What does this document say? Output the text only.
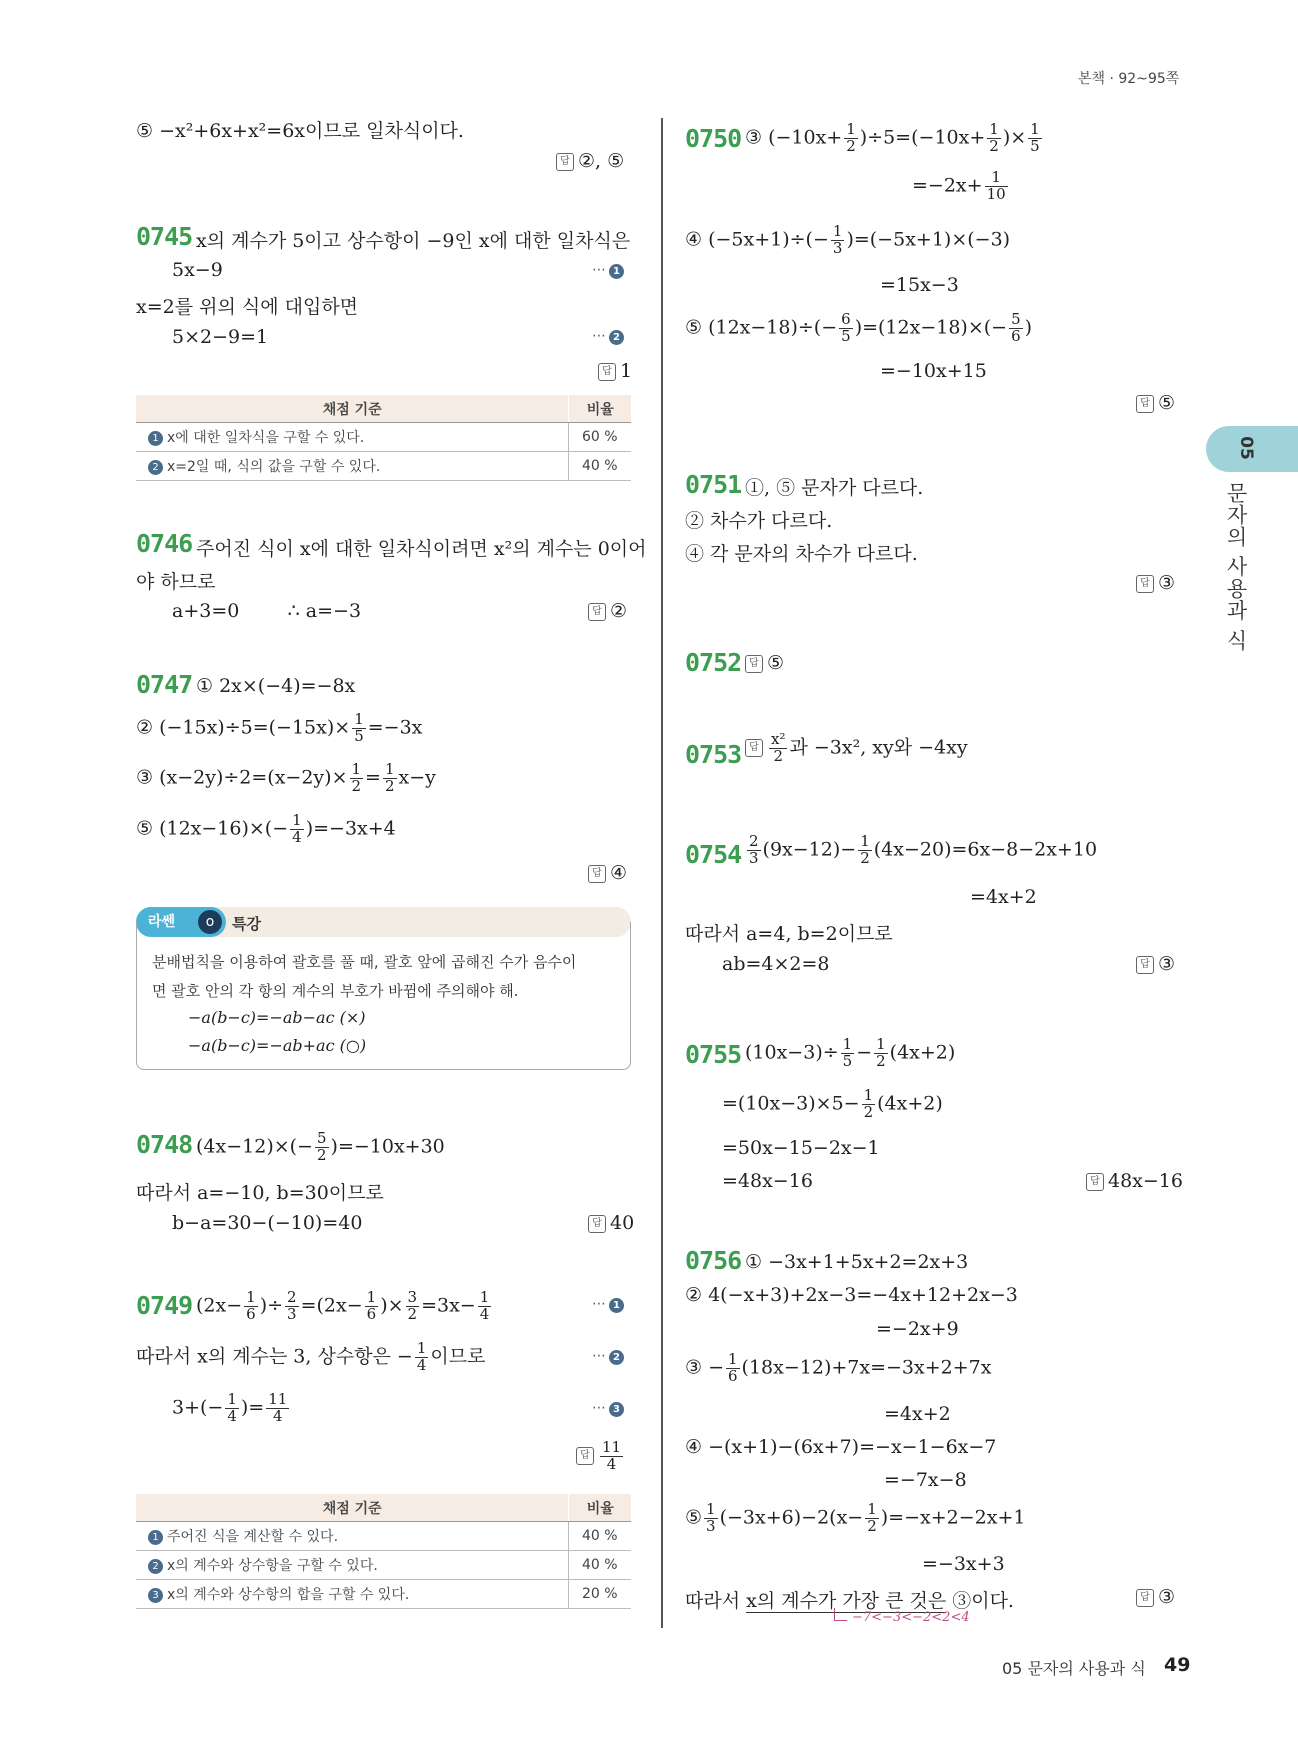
본책 · 92~95쪽
05
문자의 사용과 식
⑤ −x²+6x+x²=6x이므로 일차식이다.
답 ②, ⑤
0745 x의 계수가 5이고 상수항이 −9인 x에 대한 일차식은
5x−9	⋯ 1
x=2를 위의 식에 대입하면
5×2−9=1	⋯ 2
답 1
채점 기준	비율
1 x에 대한 일차식을 구할 수 있다.	60 %
2 x=2일 때, 식의 값을 구할 수 있다.	40 %
0746 주어진 식이 x에 대한 일차식이려면 x²의 계수는 0이어
야 하므로
a+3=0        ∴ a=−3	답 ②
0747 ① 2x×(−4)=−8x
② $(-15x)\div 5=(-15x)\times \frac{1}{5} =-3x$
③ $(x-2y)\div 2=(x-2y)\times \frac{1}{2} = \frac{1}{2} x-y$
⑤ $(12x-16)\times(- \frac{1}{4} )=-3x+4$
답 ④
라쎈	o	특강
분배법칙을 이용하여 괄호를 풀 때, 괄호 앞에 곱해진 수가 음수이
면 괄호 안의 각 항의 계수의 부호가 바뀜에 주의해야 해.
−a(b−c)=−ab−ac (×)
−a(b−c)=−ab+ac (○)
0748 $(4x-12)\times(- \frac{5}{2} )=-10x+30$
따라서 a=−10, b=30이므로
b−a=30−(−10)=40	답 40
0749 ($2x- \frac{1}{6}$ )÷ $\frac{2}{3} =(2x- \frac{1}{6}$ )× $\frac{3}{2} =3x- \frac{1}{4}$	⋯ 1
따라서 x의 계수는 3, 상수항은 − $\frac{1}{4}$ 이므로	⋯ 2
$3+(- \frac{1}{4}$ )= $\frac{11}{4}$	⋯ 3
답 $\frac{11}{4}$
채점 기준	비율
1 주어진 식을 계산할 수 있다.	40 %
2 x의 계수와 상수항을 구할 수 있다.	40 %
3 x의 계수와 상수항의 합을 구할 수 있다.	20 %
0750 ③ $(-10x+ \frac{1}{2} )\div 5=(-10x+ \frac{1}{2}$ )× $\frac{1}{5}$
$=-2x+ \frac{1}{10}$
④ $(-5x+1)\div(- \frac{1}{3} )=(-5x+1)\times(-3)$
=15x−3
⑤ $(12x-18)\div(- \frac{6}{5} )=(12x-18)\times(- \frac{5}{6}$ )
=−10x+15
답 ⑤
0751 ①, ⑤ 문자가 다르다.
② 차수가 다르다.
④ 각 문자의 차수가 다르다.
답 ③
0752 답 ⑤
0753 답 $\frac{\text{x²}}{2}$ 과 −3x², xy와 −4xy
$0754 \frac{2}{3} (9x-12)- \frac{1}{2} (4x-20)=6x-8-2x+10$
=4x+2
따라서 a=4, b=2이므로
ab=4×2=8	답 ③
0755 $(10x-3)\div \frac{1}{5} - \frac{1}{2} (4x+2)$
$=(10x-3)\times 5- \frac{1}{2} (4x+2)$
=50x−15−2x−1
=48x−16	답 48x−16
0756 ① −3x+1+5x+2=2x+3
② 4(−x+3)+2x−3=−4x+12+2x−3
=−2x+9
③ − $\frac{1}{6} (18x-12)+7x=-3x+2+7x$
=4x+2
④ −(x+1)−(6x+7)=−x−1−6x−7
=−7x−8
⑤ $\frac{1}{3} (-3x+6)-2(x- \frac{1}{2} )=-x+2-2x+1$
=−3x+3
따라서 x의 계수가 가장 큰 것은 ③이다.
−7<−3<−2<2<4
답 ③
05 문자의 사용과 식 49
